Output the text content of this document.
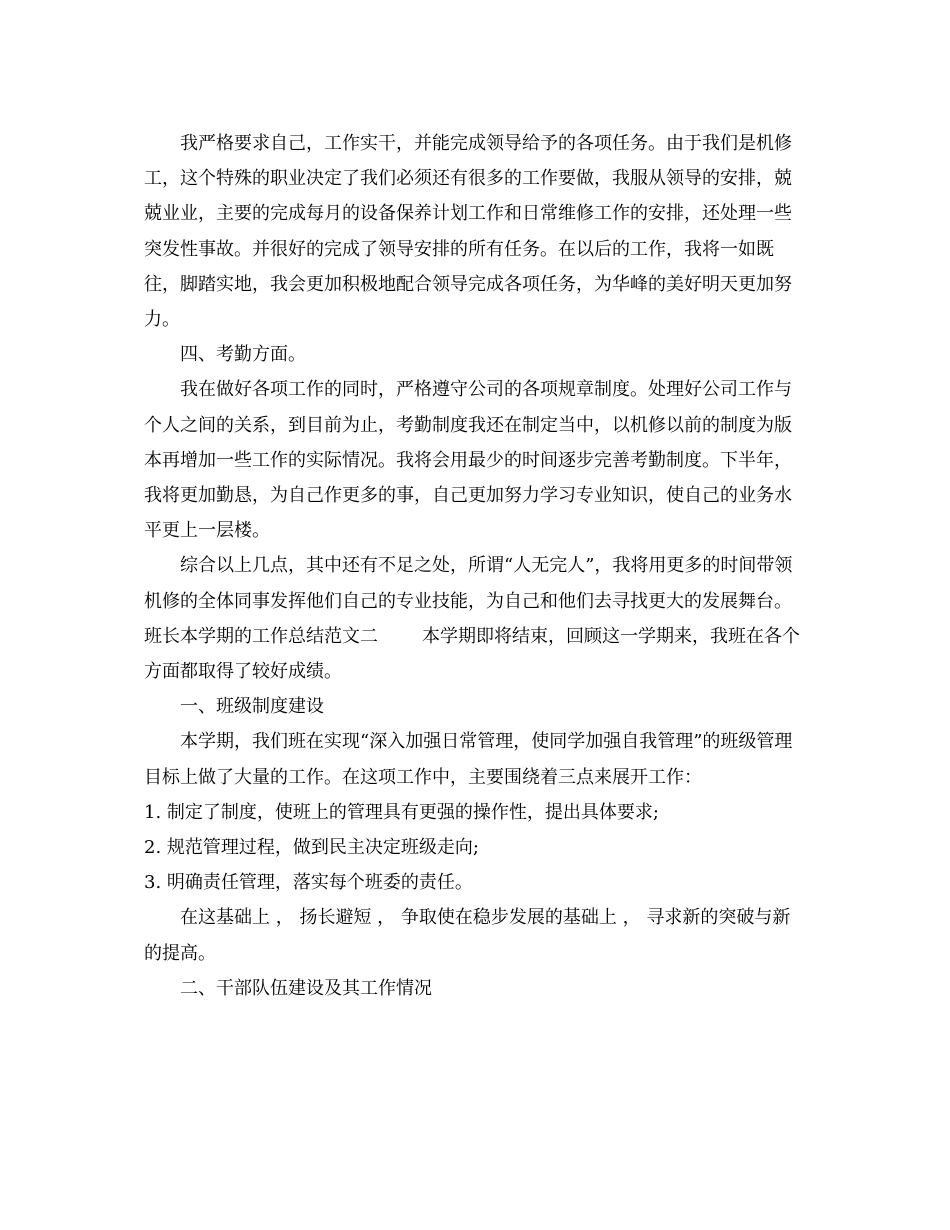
我严格要求自己，工作实干，并能完成领导给予的各项任务。由于我们是机修工，这个特殊的职业决定了我们必须还有很多的工作要做，我服从领导的安排，兢兢业业，主要的完成每月的设备保养计划工作和日常维修工作的安排，还处理一些突发性事故。并很好的完成了领导安排的所有任务。在以后的工作，我将一如既往，脚踏实地，我会更加积极地配合领导完成各项任务，为华峰的美好明天更加努力。

四、考勤方面。

我在做好各项工作的同时，严格遵守公司的各项规章制度。处理好公司工作与个人之间的关系，到目前为止，考勤制度我还在制定当中，以机修以前的制度为版本再增加一些工作的实际情况。我将会用最少的时间逐步完善考勤制度。下半年，我将更加勤恳，为自己作更多的事，自己更加努力学习专业知识，使自己的业务水平更上一层楼。

综合以上几点，其中还有不足之处，所谓“人无完人”，我将用更多的时间带领机修的全体同事发挥他们自己的专业技能，为自己和他们去寻找更大的发展舞台。

班长本学期的工作总结范文二 本学期即将结束，回顾这一学期来，我班在各个方面都取得了较好成绩。

一、班级制度建设

本学期，我们班在实现“深入加强日常管理，使同学加强自我管理”的班级管理目标上做了大量的工作。在这项工作中，主要围绕着三点来展开工作：

1. 制定了制度，使班上的管理具有更强的操作性，提出具体要求;

2. 规范管理过程，做到民主决定班级走向;

3. 明确责任管理，落实每个班委的责任。

在这基础上 ， 扬长避短 ， 争取使在稳步发展的基础上 ， 寻求新的突破与新的提高。

二、干部队伍建设及其工作情况
